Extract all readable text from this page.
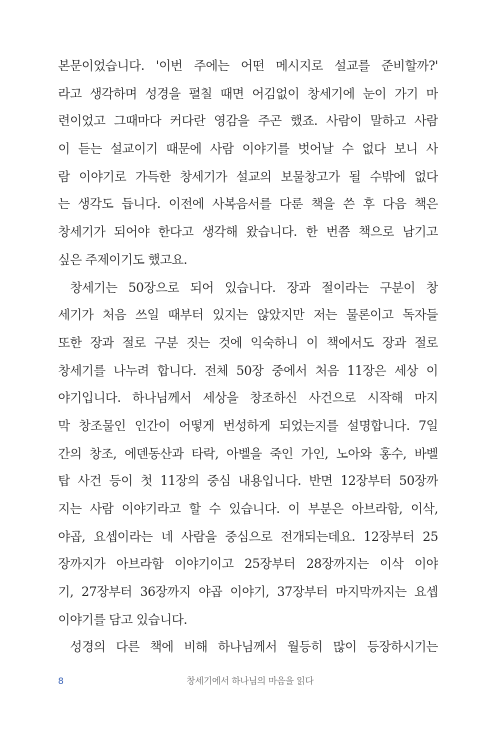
본문이었습니다. '이번 주에는 어떤 메시지로 설교를 준비할까?'
라고 생각하며 성경을 펼칠 때면 어김없이 창세기에 눈이 가기 마
련이었고 그때마다 커다란 영감을 주곤 했죠. 사람이 말하고 사람
이 듣는 설교이기 때문에 사람 이야기를 벗어날 수 없다 보니 사
람 이야기로 가득한 창세기가 설교의 보물창고가 될 수밖에 없다
는 생각도 듭니다. 이전에 사복음서를 다룬 책을 쓴 후 다음 책은
창세기가 되어야 한다고 생각해 왔습니다. 한 번쯤 책으로 남기고
싶은 주제이기도 했고요.
창세기는 50장으로 되어 있습니다. 장과 절이라는 구분이 창
세기가 처음 쓰일 때부터 있지는 않았지만 저는 물론이고 독자들
또한 장과 절로 구분 짓는 것에 익숙하니 이 책에서도 장과 절로
창세기를 나누려 합니다. 전체 50장 중에서 처음 11장은 세상 이
야기입니다. 하나님께서 세상을 창조하신 사건으로 시작해 마지
막 창조물인 인간이 어떻게 번성하게 되었는지를 설명합니다. 7일
간의 창조, 에덴동산과 타락, 아벨을 죽인 가인, 노아와 홍수, 바벨
탑 사건 등이 첫 11장의 중심 내용입니다. 반면 12장부터 50장까
지는 사람 이야기라고 할 수 있습니다. 이 부분은 아브라함, 이삭,
야곱, 요셉이라는 네 사람을 중심으로 전개되는데요. 12장부터 25
장까지가 아브라함 이야기이고 25장부터 28장까지는 이삭 이야
기, 27장부터 36장까지 야곱 이야기, 37장부터 마지막까지는 요셉
이야기를 담고 있습니다.
성경의 다른 책에 비해 하나님께서 월등히 많이 등장하시기는
8	창세기에서 하나님의 마음을 읽다
